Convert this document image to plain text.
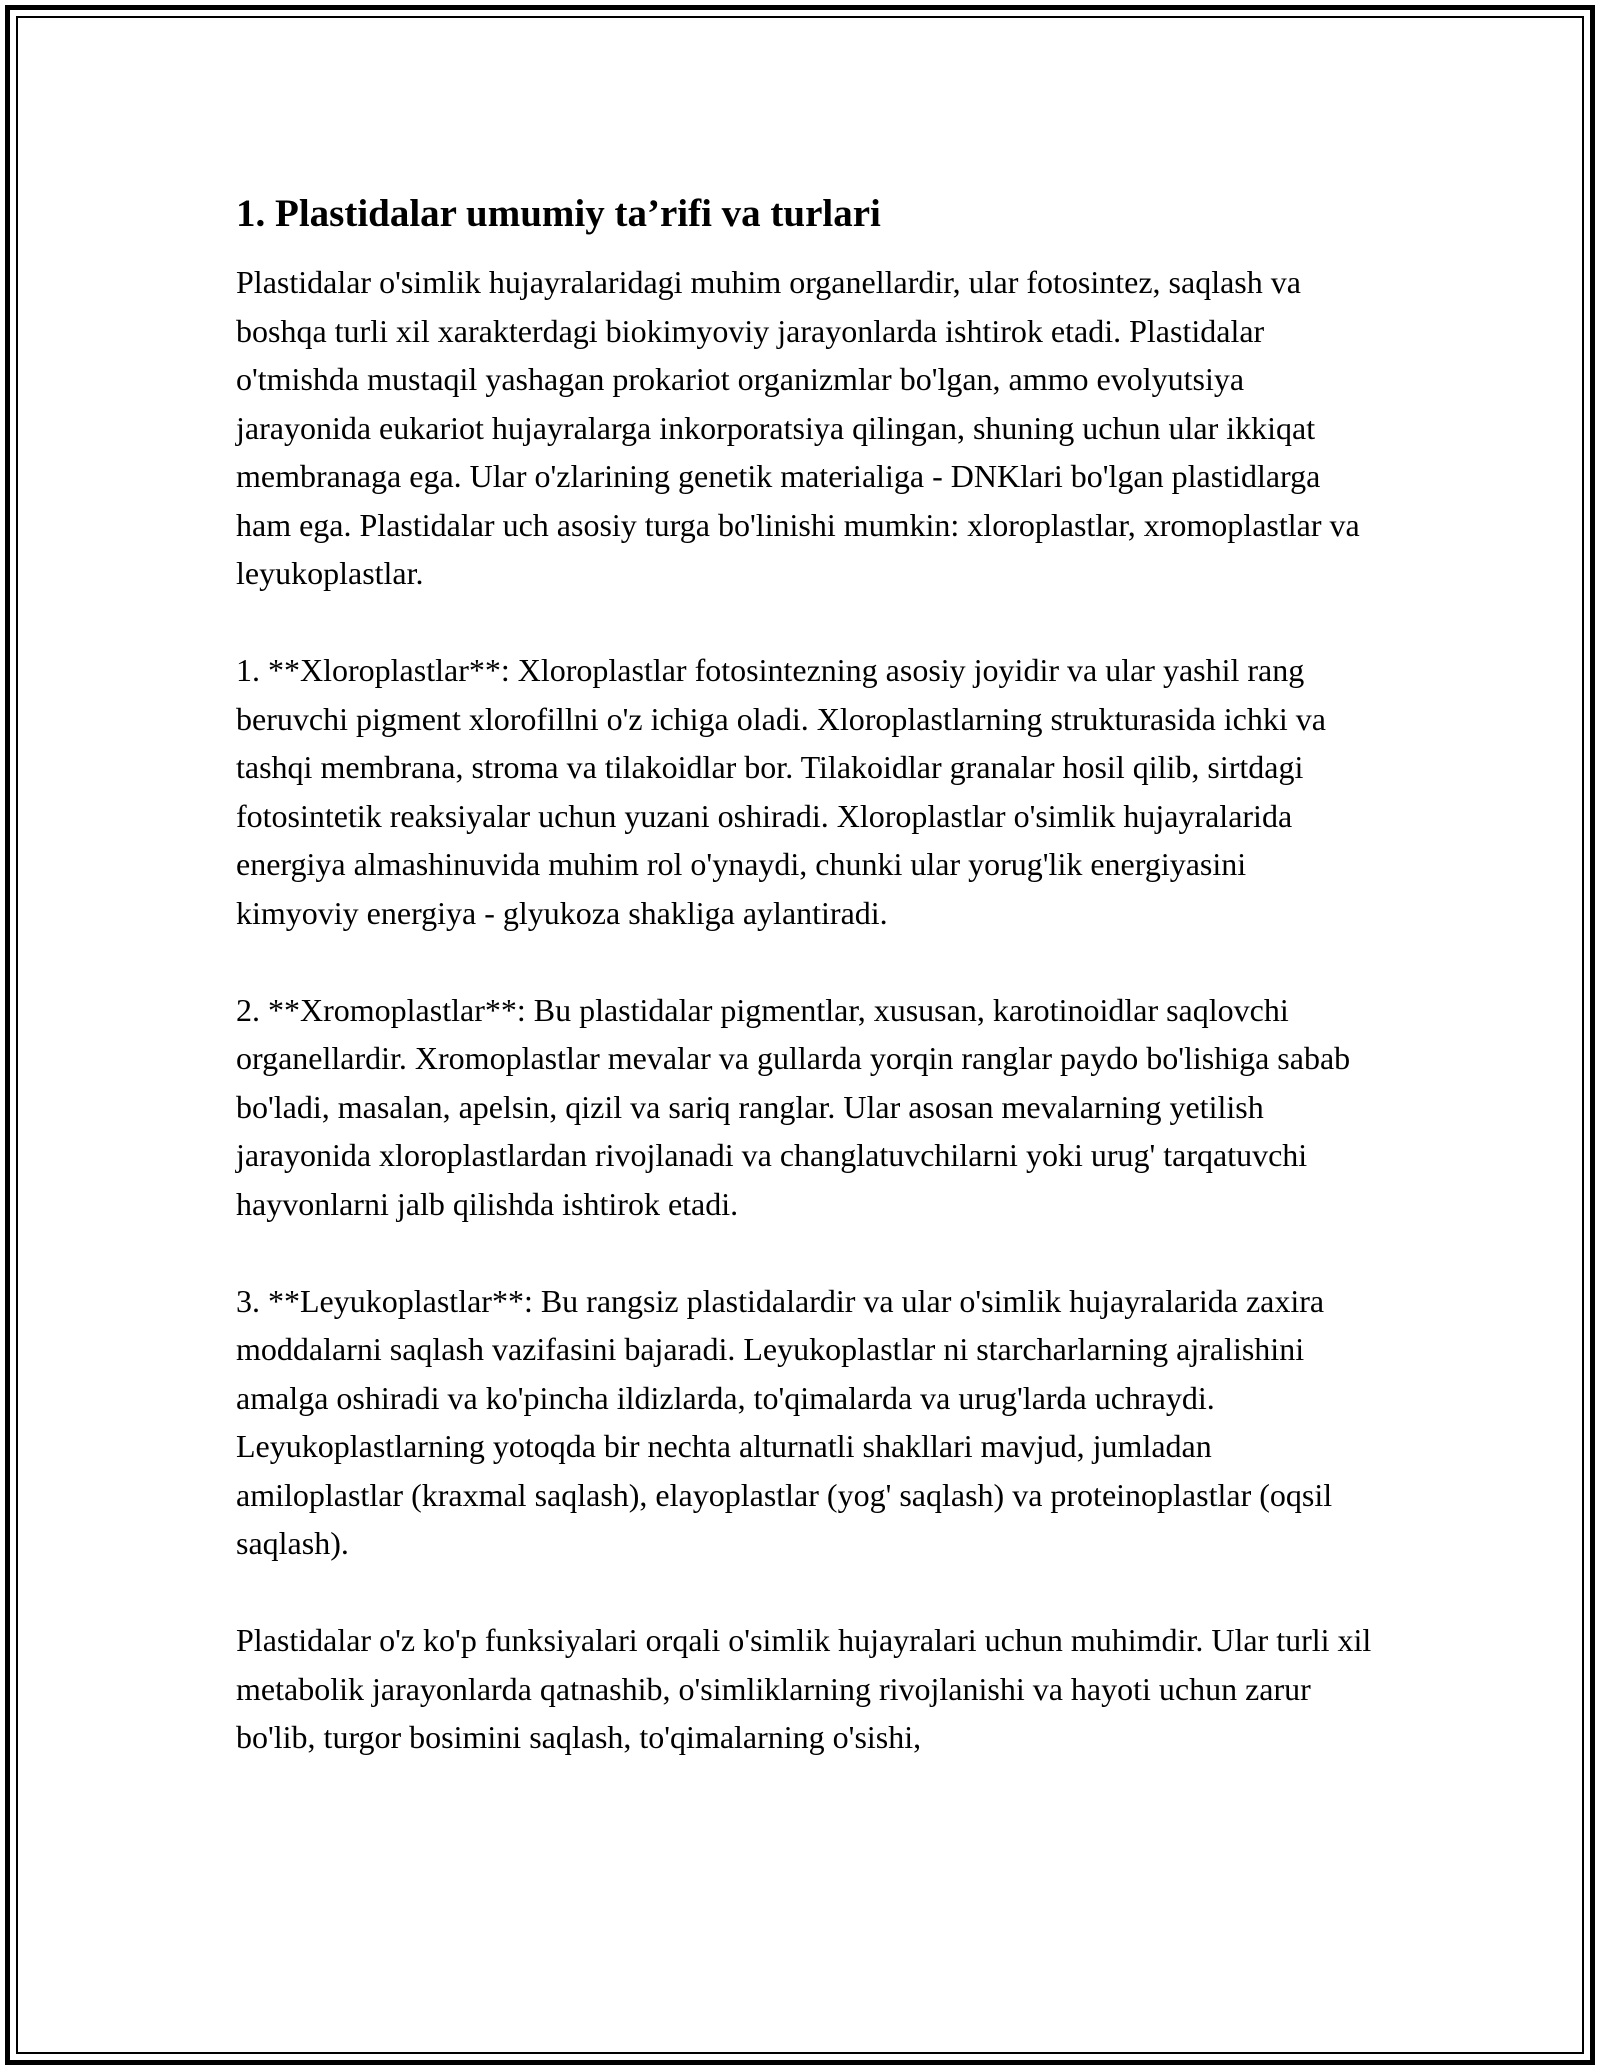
1. Plastidalar umumiy ta’rifi va turlari

Plastidalar o'simlik hujayralaridagi muhim organellardir, ular fotosintez, saqlash va boshqa turli xil xarakterdagi biokimyoviy jarayonlarda ishtirok etadi. Plastidalar o'tmishda mustaqil yashagan prokariot organizmlar bo'lgan, ammo evolyutsiya jarayonida eukariot hujayralarga inkorporatsiya qilingan, shuning uchun ular ikkiqat membranaga ega. Ular o'zlarining genetik materialiga - DNKlari bo'lgan plastidlarga ham ega. Plastidalar uch asosiy turga bo'linishi mumkin: xloroplastlar, xromoplastlar va leyukoplastlar.

1. **Xloroplastlar**: Xloroplastlar fotosintezning asosiy joyidir va ular yashil rang beruvchi pigment xlorofillni o'z ichiga oladi. Xloroplastlarning strukturasida ichki va tashqi membrana, stroma va tilakoidlar bor. Tilakoidlar granalar hosil qilib, sirtdagi fotosintetik reaksiyalar uchun yuzani oshiradi. Xloroplastlar o'simlik hujayralarida energiya almashinuvida muhim rol o'ynaydi, chunki ular yorug'lik energiyasini kimyoviy energiya - glyukoza shakliga aylantiradi.

2. **Xromoplastlar**: Bu plastidalar pigmentlar, xususan, karotinoidlar saqlovchi organellardir. Xromoplastlar mevalar va gullarda yorqin ranglar paydo bo'lishiga sabab bo'ladi, masalan, apelsin, qizil va sariq ranglar. Ular asosan mevalarning yetilish jarayonida xloroplastlardan rivojlanadi va changlatuvchilarni yoki urug' tarqatuvchi hayvonlarni jalb qilishda ishtirok etadi.

3. **Leyukoplastlar**: Bu rangsiz plastidalardir va ular o'simlik hujayralarida zaxira moddalarni saqlash vazifasini bajaradi. Leyukoplastlar ni starcharlarning ajralishini amalga oshiradi va ko'pincha ildizlarda, to'qimalarda va urug'larda uchraydi. Leyukoplastlarning yotoqda bir nechta alturnatli shakllari mavjud, jumladan amiloplastlar (kraxmal saqlash), elayoplastlar (yog' saqlash) va proteinoplastlar (oqsil saqlash).

Plastidalar o'z ko'p funksiyalari orqali o'simlik hujayralari uchun muhimdir. Ular turli xil metabolik jarayonlarda qatnashib, o'simliklarning rivojlanishi va hayoti uchun zarur bo'lib, turgor bosimini saqlash, to'qimalarning o'sishi,
